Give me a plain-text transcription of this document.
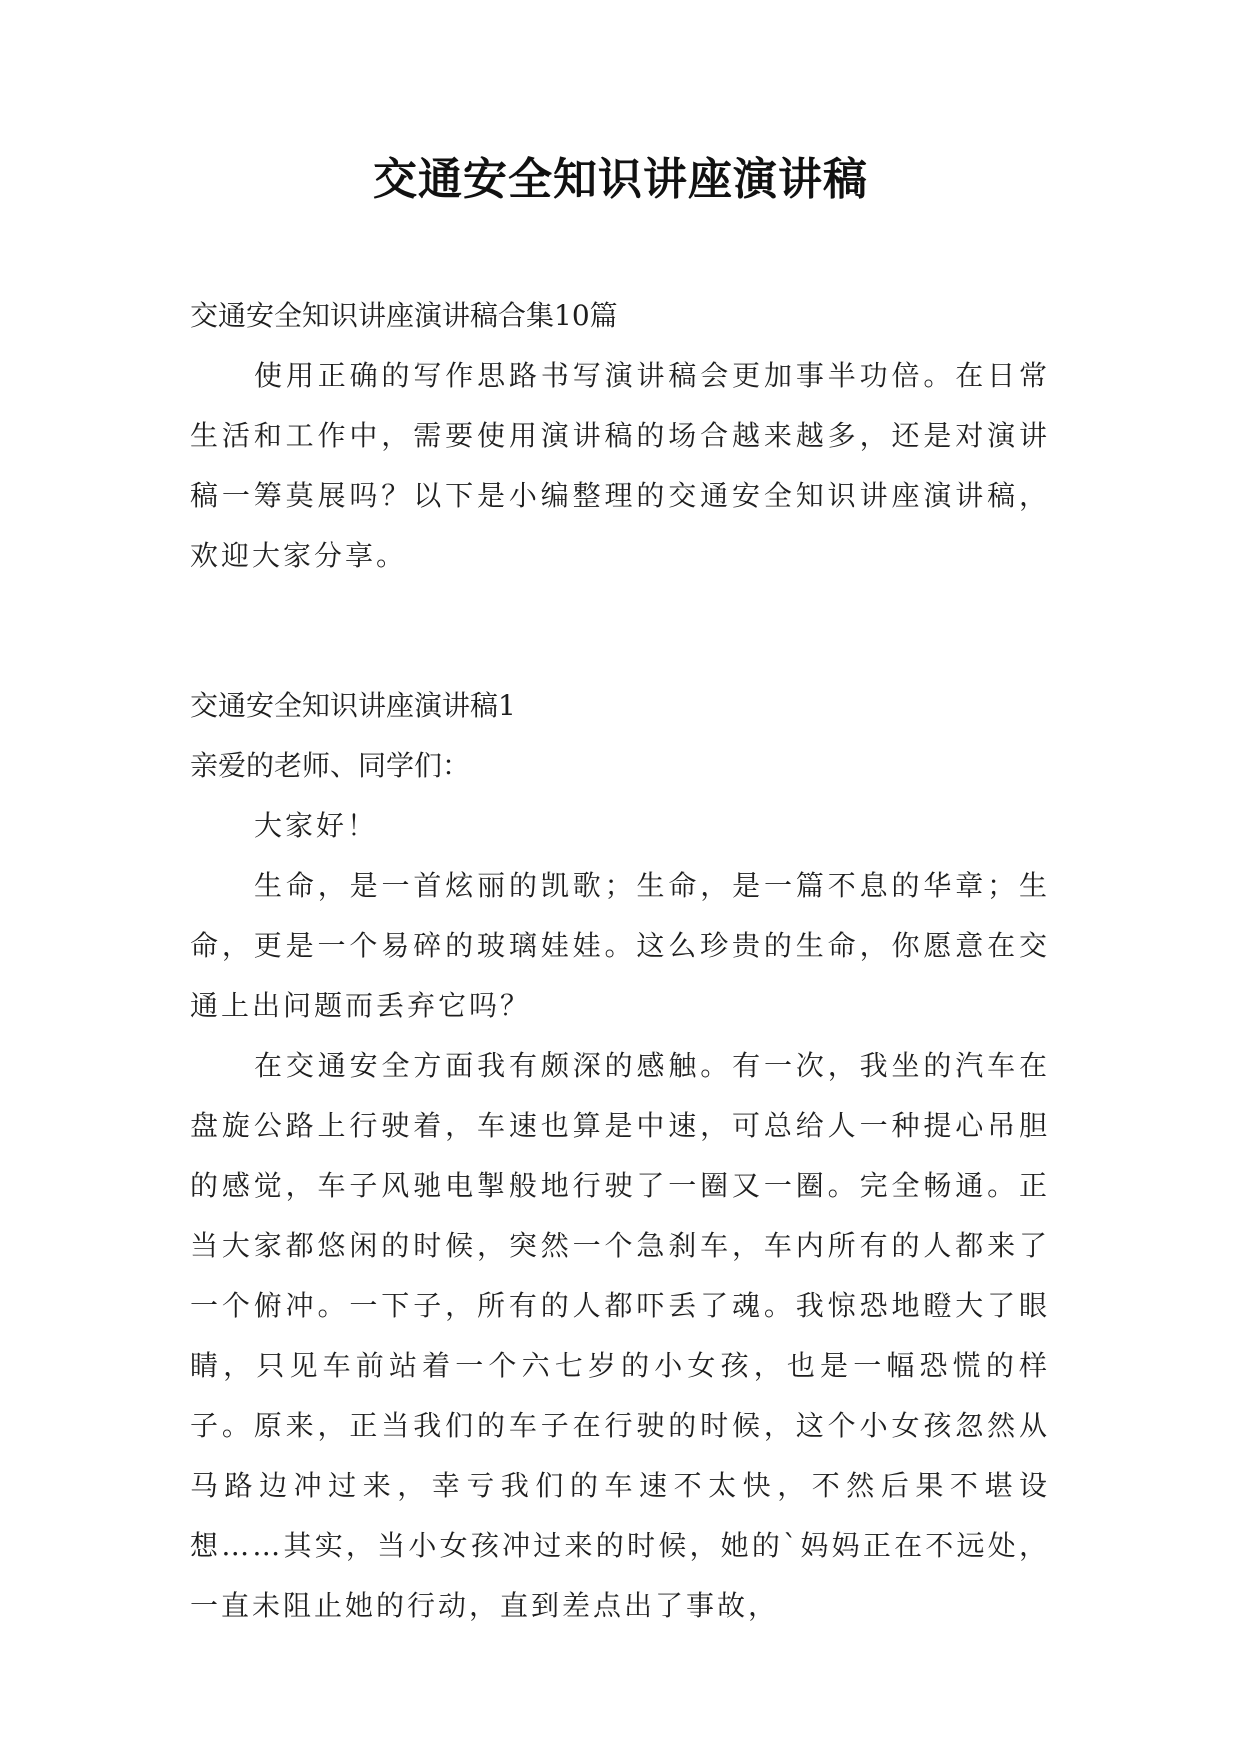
交通安全知识讲座演讲稿

交通安全知识讲座演讲稿合集10篇

使用正确的写作思路书写演讲稿会更加事半功倍。在日常生活和工作中，需要使用演讲稿的场合越来越多，还是对演讲稿一筹莫展吗？以下是小编整理的交通安全知识讲座演讲稿，欢迎大家分享。

交通安全知识讲座演讲稿1

亲爱的老师、同学们：

大家好！

生命，是一首炫丽的凯歌；生命，是一篇不息的华章；生命，更是一个易碎的玻璃娃娃。这么珍贵的生命，你愿意在交通上出问题而丢弃它吗？

在交通安全方面我有颇深的感触。有一次，我坐的汽车在盘旋公路上行驶着，车速也算是中速，可总给人一种提心吊胆的感觉，车子风驰电掣般地行驶了一圈又一圈。完全畅通。正当大家都悠闲的时候，突然一个急刹车，车内所有的人都来了一个俯冲。一下子，所有的人都吓丢了魂。我惊恐地瞪大了眼睛，只见车前站着一个六七岁的小女孩，也是一幅恐慌的样子。原来，正当我们的车子在行驶的时候，这个小女孩忽然从马路边冲过来，幸亏我们的车速不太快，不然后果不堪设想……其实，当小女孩冲过来的时候，她的`妈妈正在不远处，一直未阻止她的行动，直到差点出了事故，
